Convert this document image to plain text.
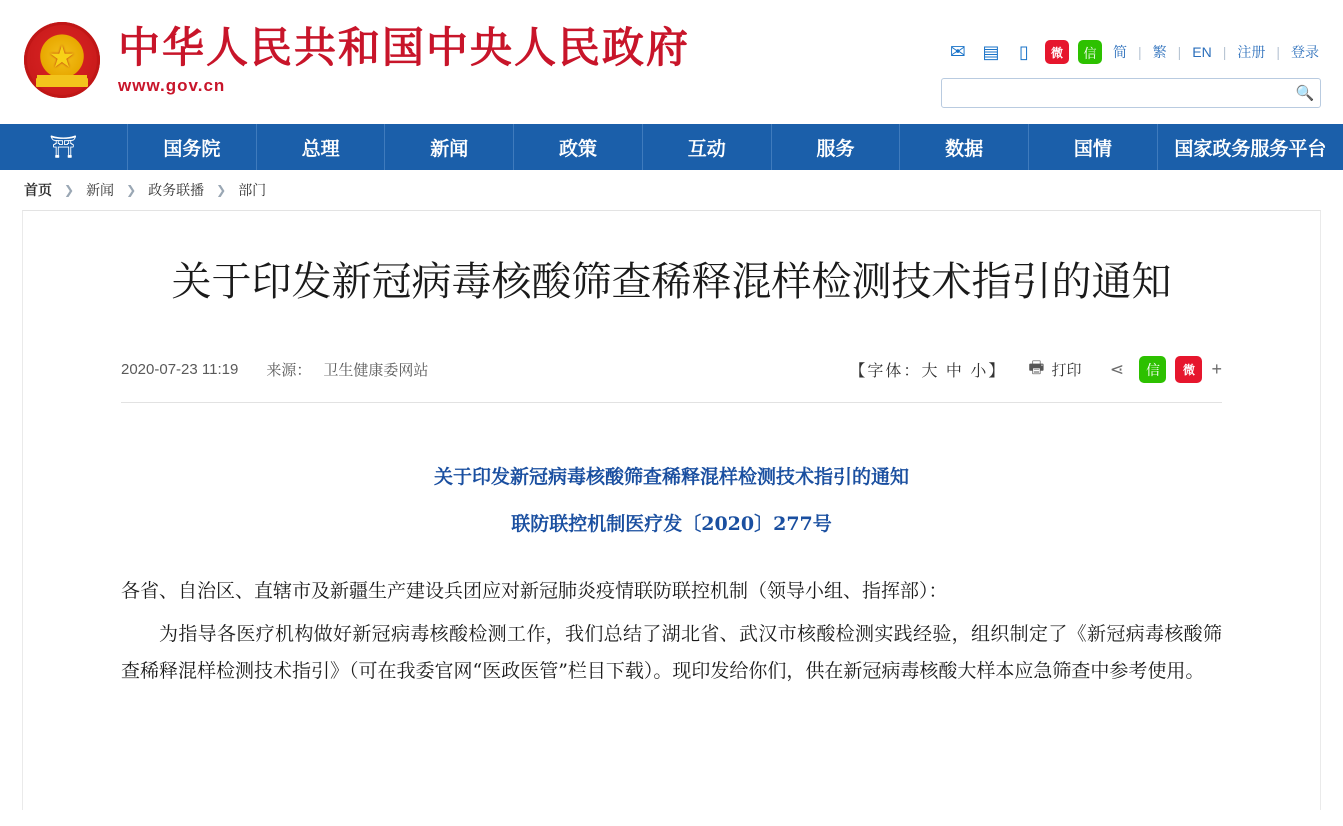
★
中华人民共和国中央人民政府
www.gov.cn
✉ ▤	▯	微	信	简 | 繁 | EN | 注册 | 登录
🔍
⛩	国务院	总理	新闻	政策	互动	服务	数据	国情	国家政务服务平台
首页 ❯ 新闻 ❯ 政务联播 ❯ 部门
关于印发新冠病毒核酸筛查稀释混样检测技术指引的通知
2020-07-23 11:19 来源： 卫生健康委网站	【字体：大 中 小】 🖶 打印	⋖	信	微 +
关于印发新冠病毒核酸筛查稀释混样检测技术指引的通知
联防联控机制医疗发〔2020〕277号

各省、自治区、直辖市及新疆生产建设兵团应对新冠肺炎疫情联防联控机制（领导小组、指挥部）：

为指导各医疗机构做好新冠病毒核酸检测工作，我们总结了湖北省、武汉市核酸检测实践经验，组织制定了《新冠病毒核酸筛查稀释混样检测技术指引》（可在我委官网“医政医管”栏目下载）。现印发给你们，供在新冠病毒核酸大样本应急筛查中参考使用。
